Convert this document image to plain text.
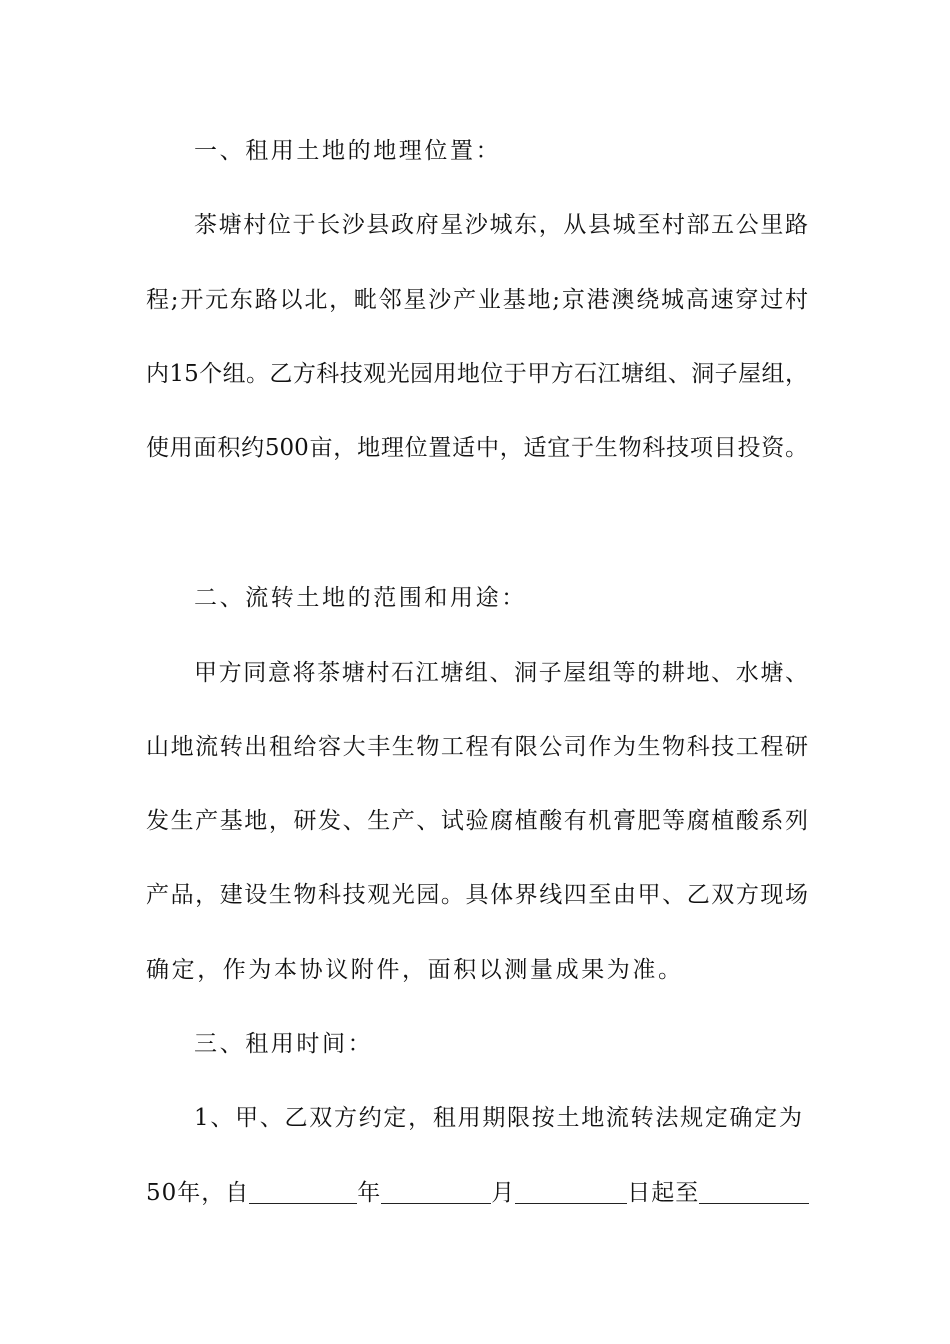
一、租用土地的地理位置：
茶塘村位于长沙县政府星沙城东，从县城至村部五公里路
程;开元东路以北，毗邻星沙产业基地;京港澳绕城高速穿过村
内15个组。乙方科技观光园用地位于甲方石江塘组、洞子屋组，
使用面积约500亩，地理位置适中，适宜于生物科技项目投资。
二、流转土地的范围和用途：
甲方同意将茶塘村石江塘组、洞子屋组等的耕地、水塘、
山地流转出租给容大丰生物工程有限公司作为生物科技工程研
发生产基地，研发、生产、试验腐植酸有机膏肥等腐植酸系列
产品，建设生物科技观光园。具体界线四至由甲、乙双方现场
确定，作为本协议附件，面积以测量成果为准。
三、租用时间：
1、甲、乙双方约定，租用期限按土地流转法规定确定为
50年，自	年	月	日起至
